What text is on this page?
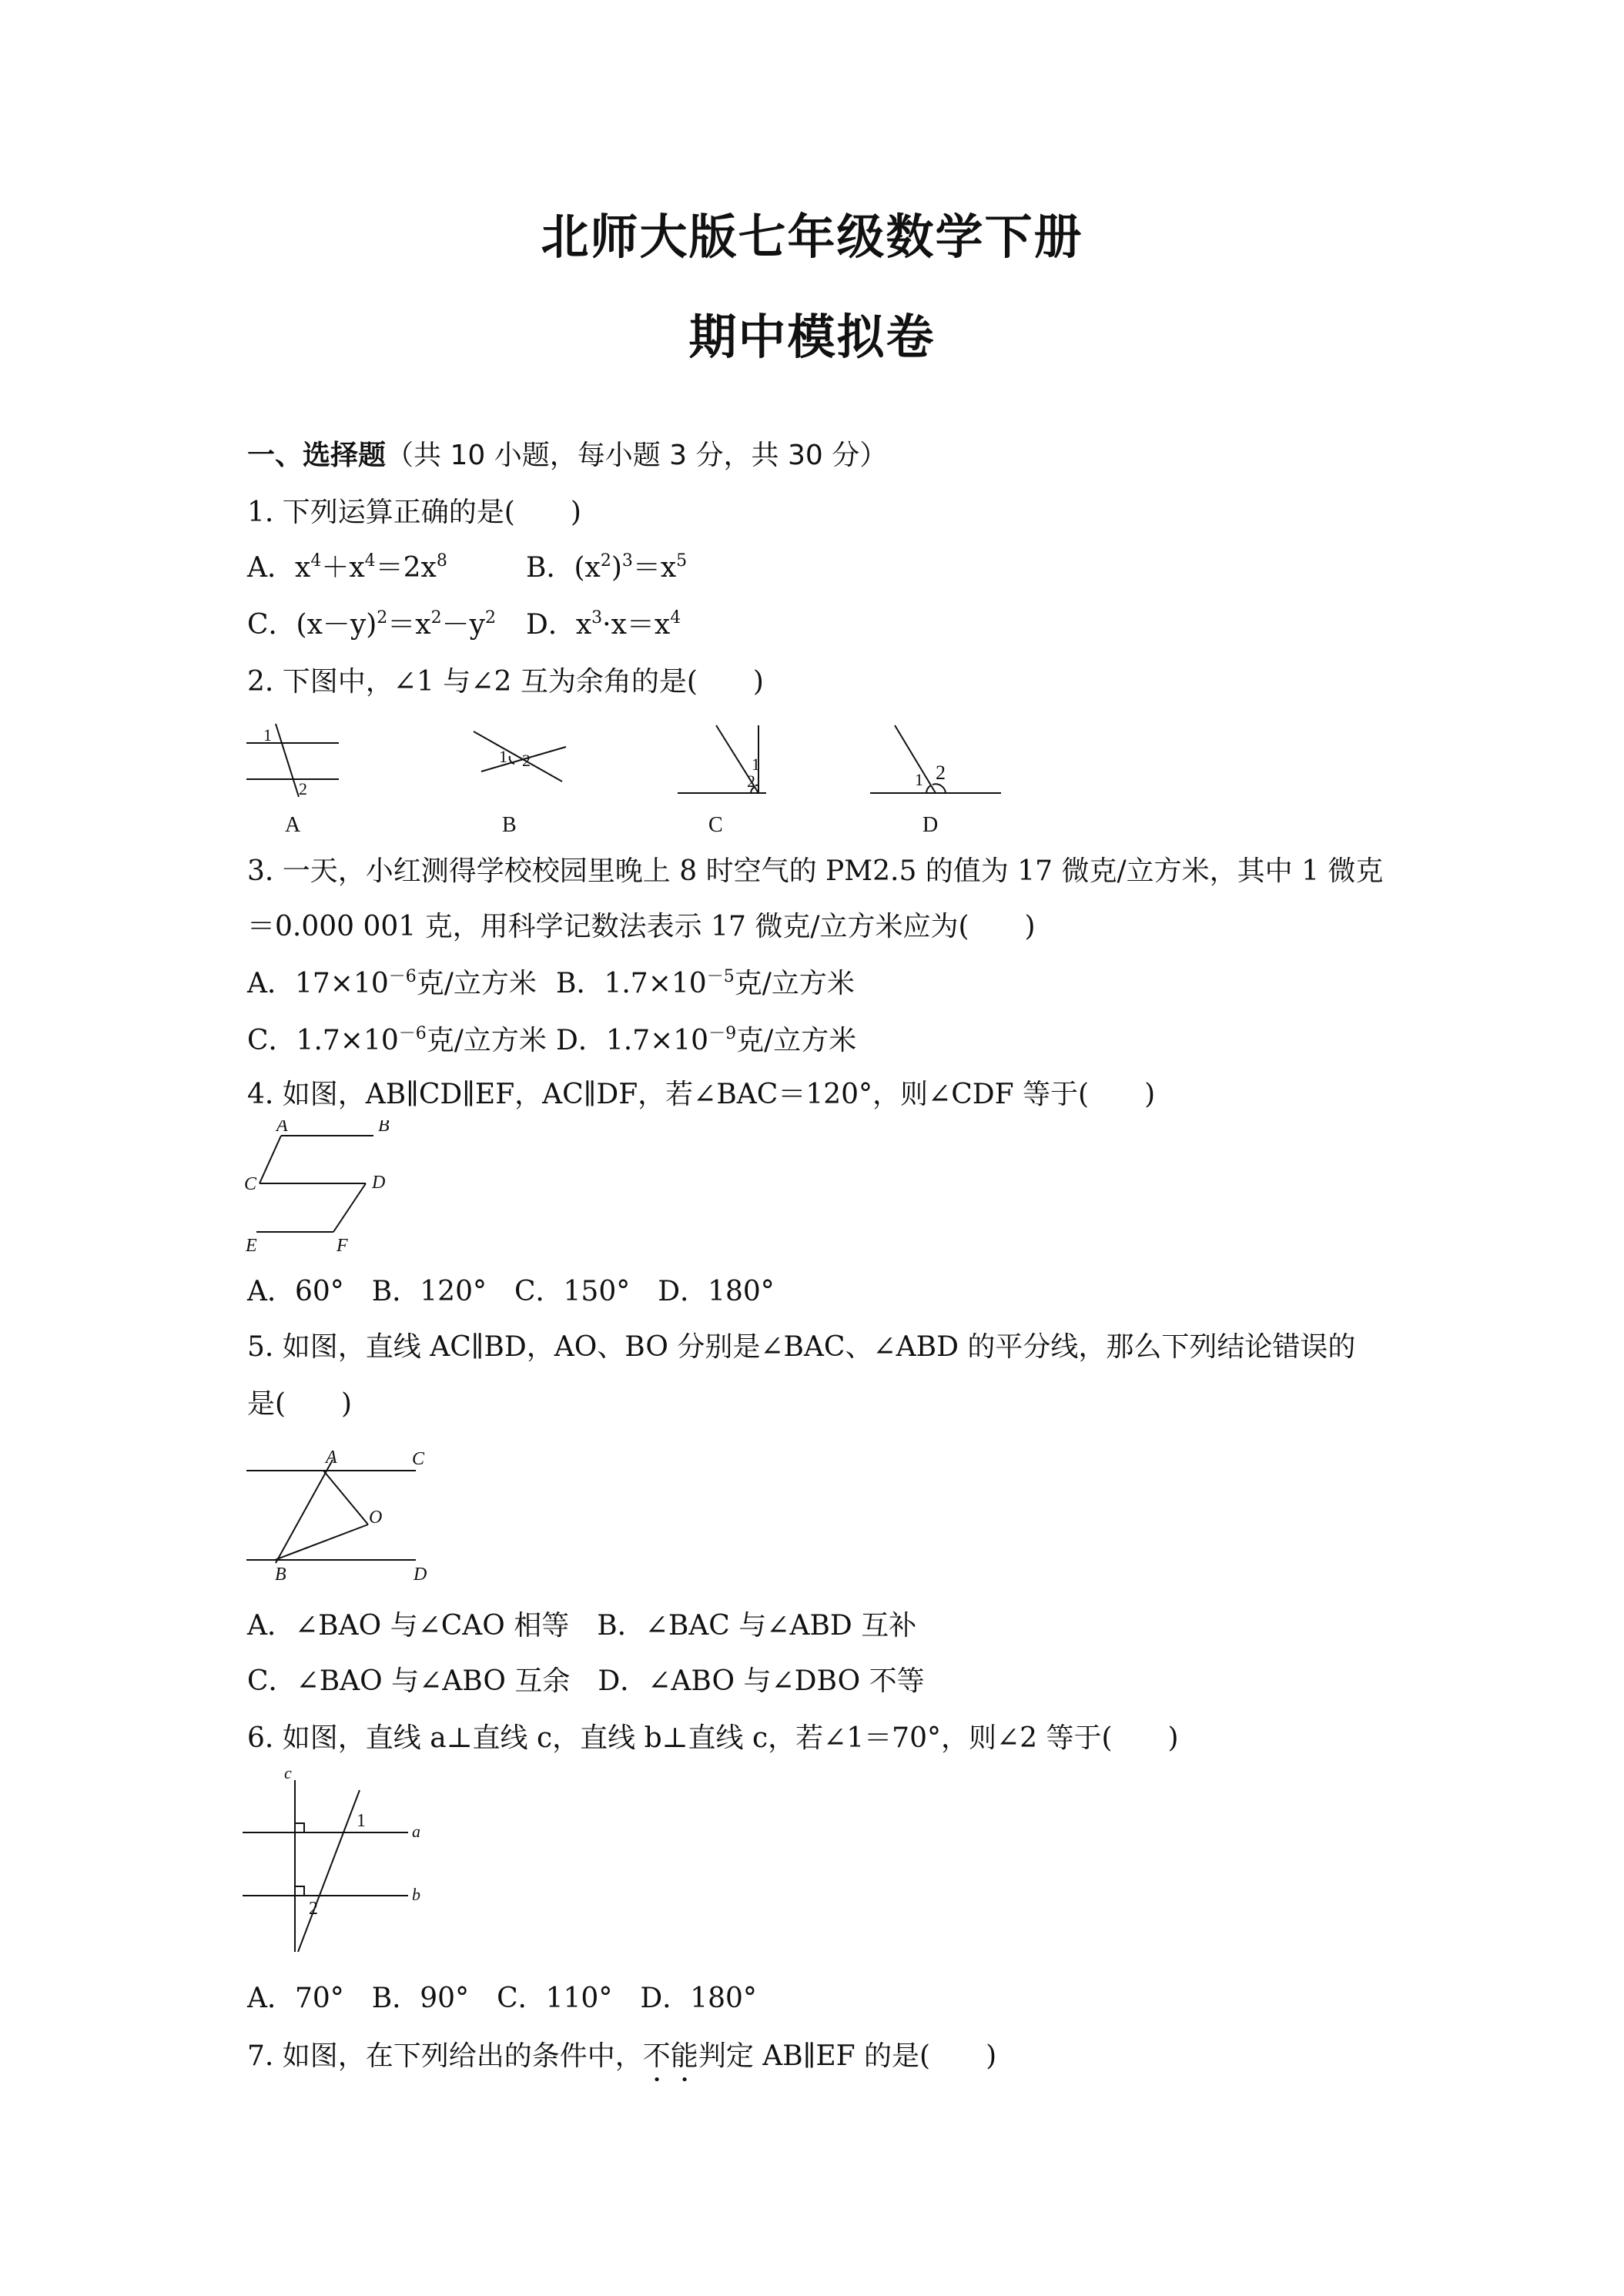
北师大版七年级数学下册
期中模拟卷
一、选择题（共 10 小题，每小题 3 分，共 30 分）
1. 下列运算正确的是(　　)
A．$x^4+x^4=2x^8$	B．$(x^2)^3=x^5$
C．$(x-y)^2=x^2-y^2$ D．$x^3\cdot x=x^4$
2. 下图中，∠1 与∠2 互为余角的是(　　)
1
2
1 2
2
1
1 2
A	B	C	D
3. 一天，小红测得学校校园里晚上 8 时空气的 PM2.5 的值为 17 微克/立方米，其中 1 微克
＝0.000 001 克，用科学记数法表示 17 微克/立方米应为(　　)
A．$17\times 10^{-6}$克/立方米 B．$1.7\times 10^{-5}$克/立方米
C．$1.7\times 10^{-6}$克/立方米 D．$1.7\times 10^{-9}$克/立方米
4. 如图，AB∥CD∥EF，AC∥DF，若∠BAC＝120°，则∠CDF 等于(　　)
A	B
C	D
E	F
A．60°　B．120°　C．150°　D．180°
5. 如图，直线 AC∥BD，AO、BO 分别是∠BAC、∠ABD 的平分线，那么下列结论错误的
是(　　)
A	C
O
B	D
A．∠BAO 与∠CAO 相等　B．∠BAC 与∠ABD 互补
C．∠BAO 与∠ABO 互余　D．∠ABO 与∠DBO 不等
6. 如图，直线 a⊥直线 c，直线 b⊥直线 c，若∠1＝70°，则∠2 等于(　　)
c
a
b
1
2
A．70°　B．90°　C．110°　D．180°
7. 如图，在下列给出的条件中，不能判定 AB∥EF 的是(　　)
